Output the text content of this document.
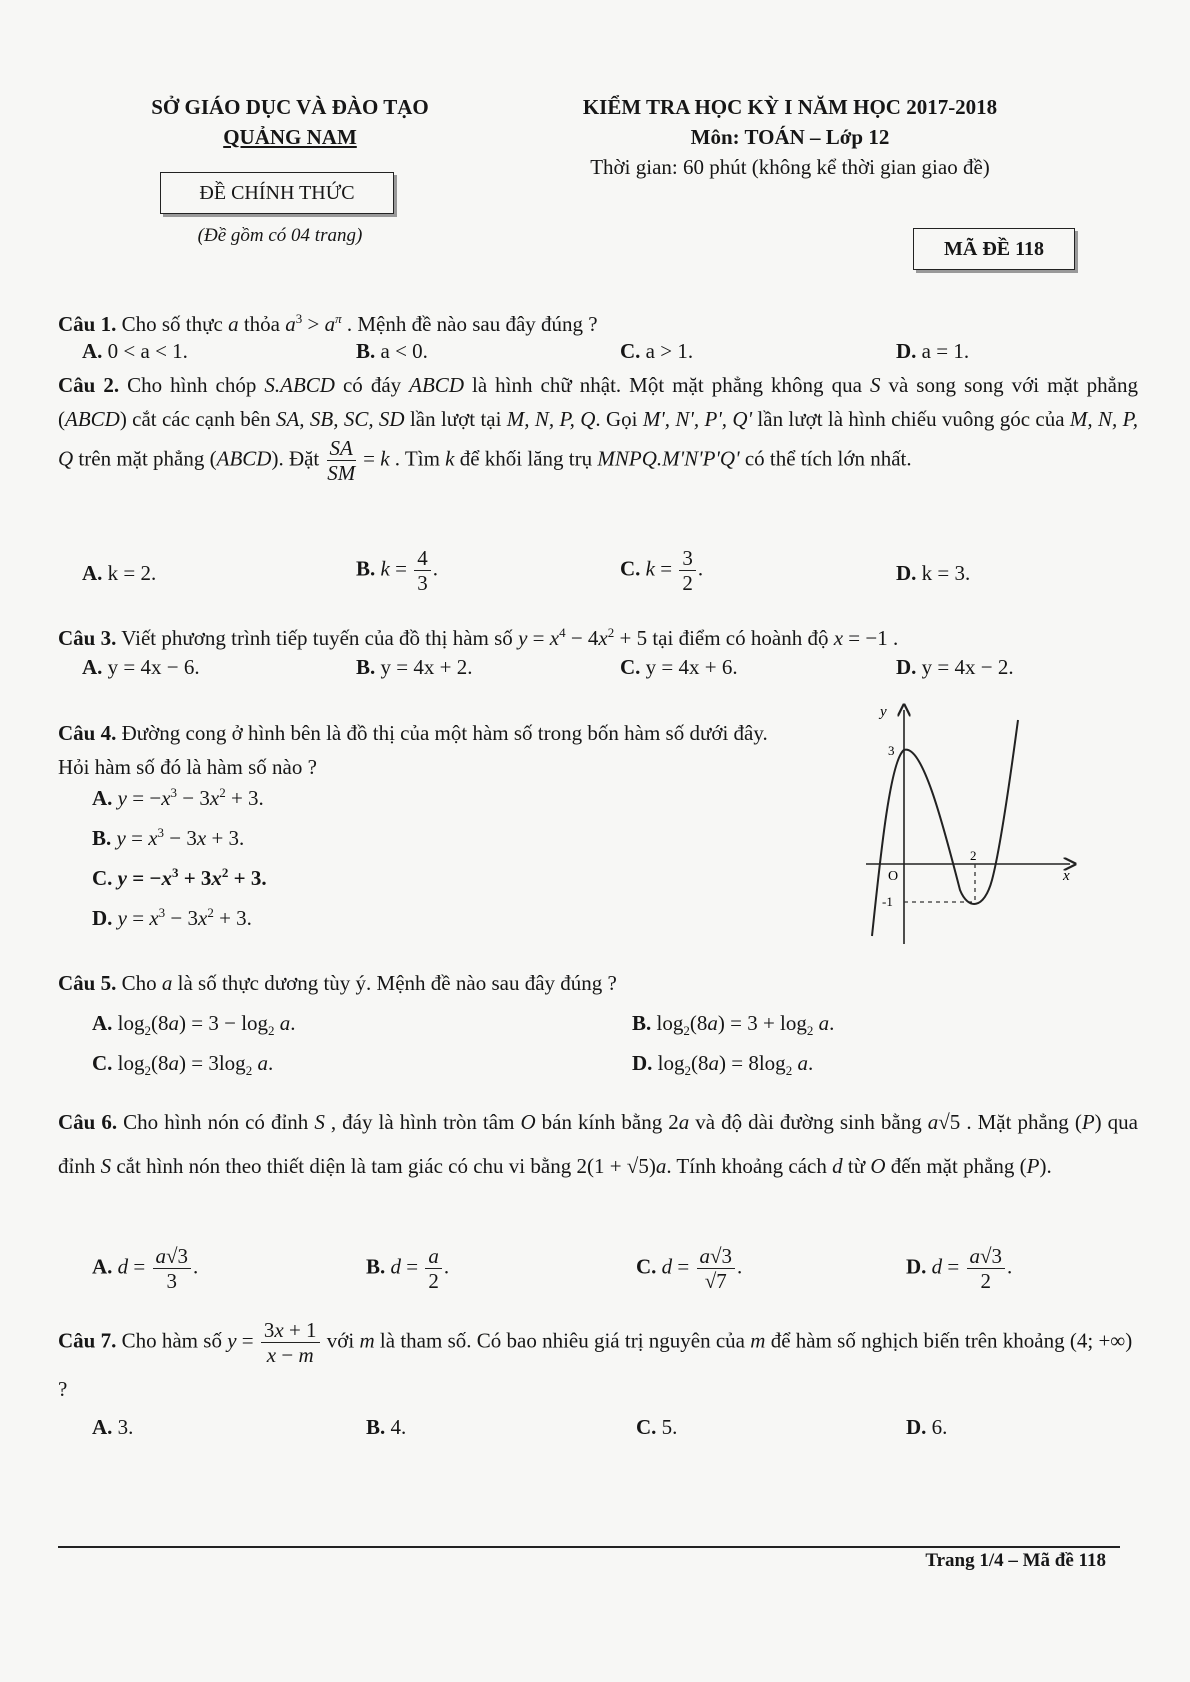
SỞ GIÁO DỤC VÀ ĐÀO TẠO
QUẢNG NAM
ĐỀ CHÍNH THỨC
(Đề gồm có 04 trang)
KIỂM TRA HỌC KỲ I NĂM HỌC 2017-2018
Môn: TOÁN – Lớp 12
Thời gian: 60 phút (không kể thời gian giao đề)
MÃ ĐỀ 118
Câu 1. Cho số thực a thỏa $a^3 > a^\pi$ . Mệnh đề nào sau đây đúng ?
A. 0 < a < 1.	B. a < 0.	C. a > 1.	D. a = 1.
Câu 2. Cho hình chóp S.ABCD có đáy ABCD là hình chữ nhật. Một mặt phẳng không qua S và song song với mặt phẳng (ABCD) cắt các cạnh bên SA, SB, SC, SD lần lượt tại M, N, P, Q. Gọi M', N', P', Q' lần lượt là hình chiếu vuông góc của M, N, P, Q trên mặt phẳng (ABCD). Đặt $\frac{SA}{SM} = k$ . Tìm k để khối lăng trụ MNPQ.M'N'P'Q' có thể tích lớn nhất.
A. k = 2.	B. $k = \frac{4}{3}$ .	C. $k = \frac{3}{2}$ .	D. k = 3.
Câu 3. Viết phương trình tiếp tuyến của đồ thị hàm số $y = x^4 - 4x^2 + 5$ tại điểm có hoành độ x = −1 .
A. y = 4x − 6.	B. y = 4x + 2.	C. y = 4x + 6.	D. y = 4x − 2.
Câu 4. Đường cong ở hình bên là đồ thị của một hàm số trong bốn hàm số dưới đây. Hỏi hàm số đó là hàm số nào ?
A. $y = -x^3 - 3x^2 + 3$.
B. $y = x^3 - 3x + 3$.
C. $y = -x^3 + 3x^2 + 3$.
D. $y = x^3 - 3x^2 + 3$.
y
x
3
O
-1
2
Câu 5. Cho a là số thực dương tùy ý. Mệnh đề nào sau đây đúng ?
A. $\log_2(8a) = 3 - \log_2 a$.	B. $\log_2(8a) = 3 + \log_2 a$.
C. $\log_2(8a) = 3\log_2$ a.	D. $\log_2(8a) = 8\log_2$ a.
Câu 6. Cho hình nón có đỉnh S , đáy là hình tròn tâm O bán kính bằng 2a và độ dài đường sinh bằng a√5 . Mặt phẳng (P) qua đỉnh S cắt hình nón theo thiết diện là tam giác có chu vi bằng 2(1 + √5)a. Tính khoảng cách d từ O đến mặt phẳng (P).
A. $d = \frac{a√3}{3}$ .	B. $d = \frac{a}{2}$ .	C. $d = \frac{a√3}{√7}$ .	D. $d = \frac{a√3}{2}$ .
Câu 7. Cho hàm số $y = \frac{3x + 1}{x - m}$ với m là tham số. Có bao nhiêu giá trị nguyên của m để hàm số nghịch biến trên khoảng (4; +∞) ?
A. 3.	B. 4.	C. 5.	D. 6.
Trang 1/4 – Mã đề 118
